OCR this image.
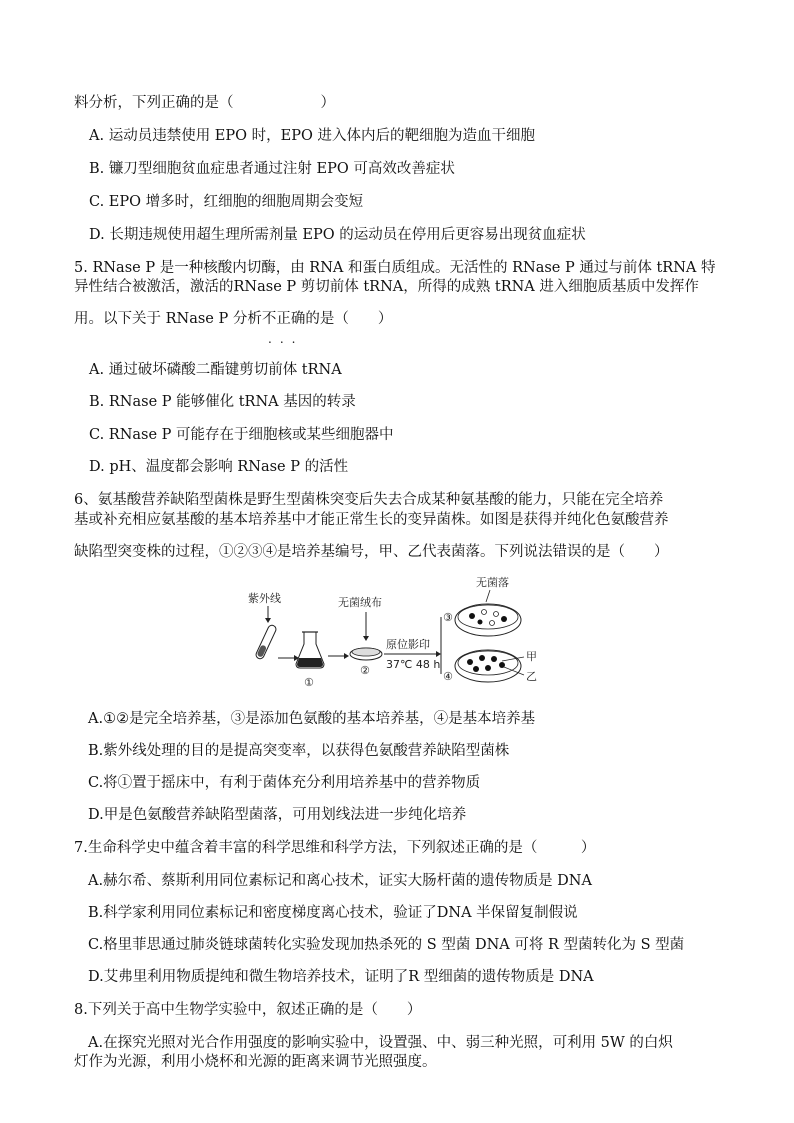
料分析，下列正确的是（　　　　　　）
A. 运动员违禁使用 EPO 时，EPO 进入体内后的靶细胞为造血干细胞
B. 镰刀型细胞贫血症患者通过注射 EPO 可高效改善症状
C. EPO 增多时，红细胞的细胞周期会变短
D. 长期违规使用超生理所需剂量 EPO 的运动员在停用后更容易出现贫血症状
5. RNase P 是一种核酸内切酶，由 RNA 和蛋白质组成。无活性的 RNase P 通过与前体 tRNA 特
异性结合被激活，激活的RNase P 剪切前体 tRNA，所得的成熟 tRNA 进入细胞质基质中发挥作
用。以下关于 RNase P 分析不正确的是（　　）
...
A. 通过破坏磷酸二酯键剪切前体 tRNA
B. RNase P 能够催化 tRNA 基因的转录
C. RNase P 可能存在于细胞核或某些细胞器中
D. pH、温度都会影响 RNase P 的活性
6、氨基酸营养缺陷型菌株是野生型菌株突变后失去合成某种氨基酸的能力，只能在完全培养
基或补充相应氨基酸的基本培养基中才能正常生长的变异菌株。如图是获得并纯化色氨酸营养
缺陷型突变株的过程，①②③④是培养基编号，甲、乙代表菌落。下列说法错误的是（　　）
紫外线
①
无菌绒布
②
原位影印
37℃ 48 h
③
④
无菌落
甲
乙
A.①②是完全培养基，③是添加色氨酸的基本培养基，④是基本培养基
B.紫外线处理的目的是提高突变率，以获得色氨酸营养缺陷型菌株
C.将①置于摇床中，有利于菌体充分利用培养基中的营养物质
D.甲是色氨酸营养缺陷型菌落，可用划线法进一步纯化培养
7.生命科学史中蕴含着丰富的科学思维和科学方法，下列叙述正确的是（　　　）
A.赫尔希、蔡斯利用同位素标记和离心技术，证实大肠杆菌的遗传物质是 DNA
B.科学家利用同位素标记和密度梯度离心技术，验证了DNA 半保留复制假说
C.格里菲思通过肺炎链球菌转化实验发现加热杀死的 S 型菌 DNA 可将 R 型菌转化为 S 型菌
D.艾弗里利用物质提纯和微生物培养技术，证明了R 型细菌的遗传物质是 DNA
8.下列关于高中生物学实验中，叙述正确的是（　　）
A.在探究光照对光合作用强度的影响实验中，设置强、中、弱三种光照，可利用 5W 的白炽
灯作为光源，利用小烧杯和光源的距离来调节光照强度。
